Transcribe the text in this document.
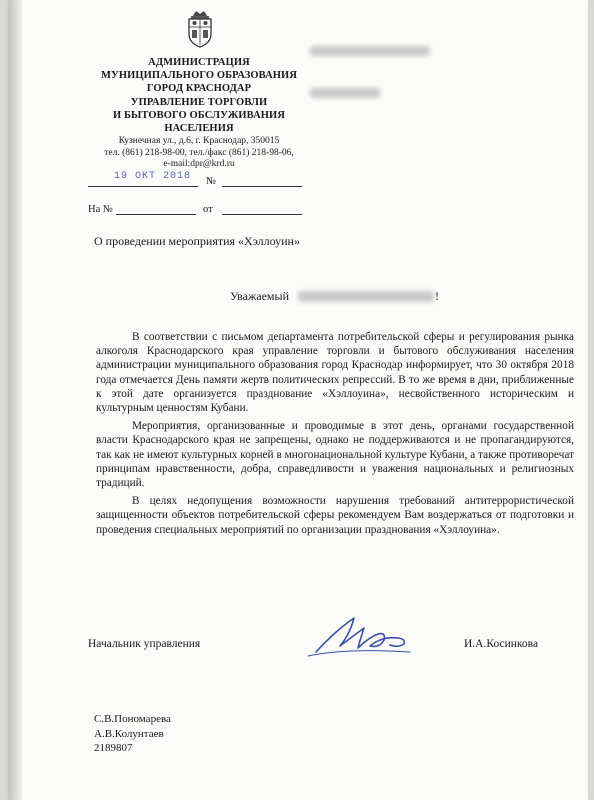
АДМИНИСТРАЦИЯ
МУНИЦИПАЛЬНОГО ОБРАЗОВАНИЯ
ГОРОД КРАСНОДАР
УПРАВЛЕНИЕ ТОРГОВЛИ
И БЫТОВОГО ОБСЛУЖИВАНИЯ
НАСЕЛЕНИЯ
Кузнечная ул., д.6, г. Краснодар, 350015
тел. (861) 218-98-00, тел./факс (861) 218-98-06,
e-mail:dpr@krd.ru
19 ОКТ 2018 №
На №	от
О проведении мероприятия «Хэллоуин»
Уважаемый	!

В соответствии с письмом департамента потребительской сферы и регулирования рынка алкоголя Краснодарского края управление торговли и бытового обслуживания населения администрации муниципального образования город Краснодар информирует, что 30 октября 2018 года отмечается День памяти жертв политических репрессий. В то же время в дни, приближенные к этой дате организуется празднование «Хэллоуина», несвойственного историческим и культурным ценностям Кубани.

Мероприятия, организованные и проводимые в этот день, органами государственной власти Краснодарского края не запрещены, однако не поддерживаются и не пропагандируются, так как не имеют культурных корней в многонациональной культуре Кубани, а также противоречат принципам нравственности, добра, справедливости и уважения национальных и религиозных традиций.

В целях недопущения возможности нарушения требований антитеррористической защищенности объектов потребительской сферы рекомендуем Вам воздержаться от подготовки и проведения специальных мероприятий по организации празднования «Хэллоуина».

Начальник управления	И.А.Косинкова
С.В.Пономарева
А.В.Колунтаев
2189807
